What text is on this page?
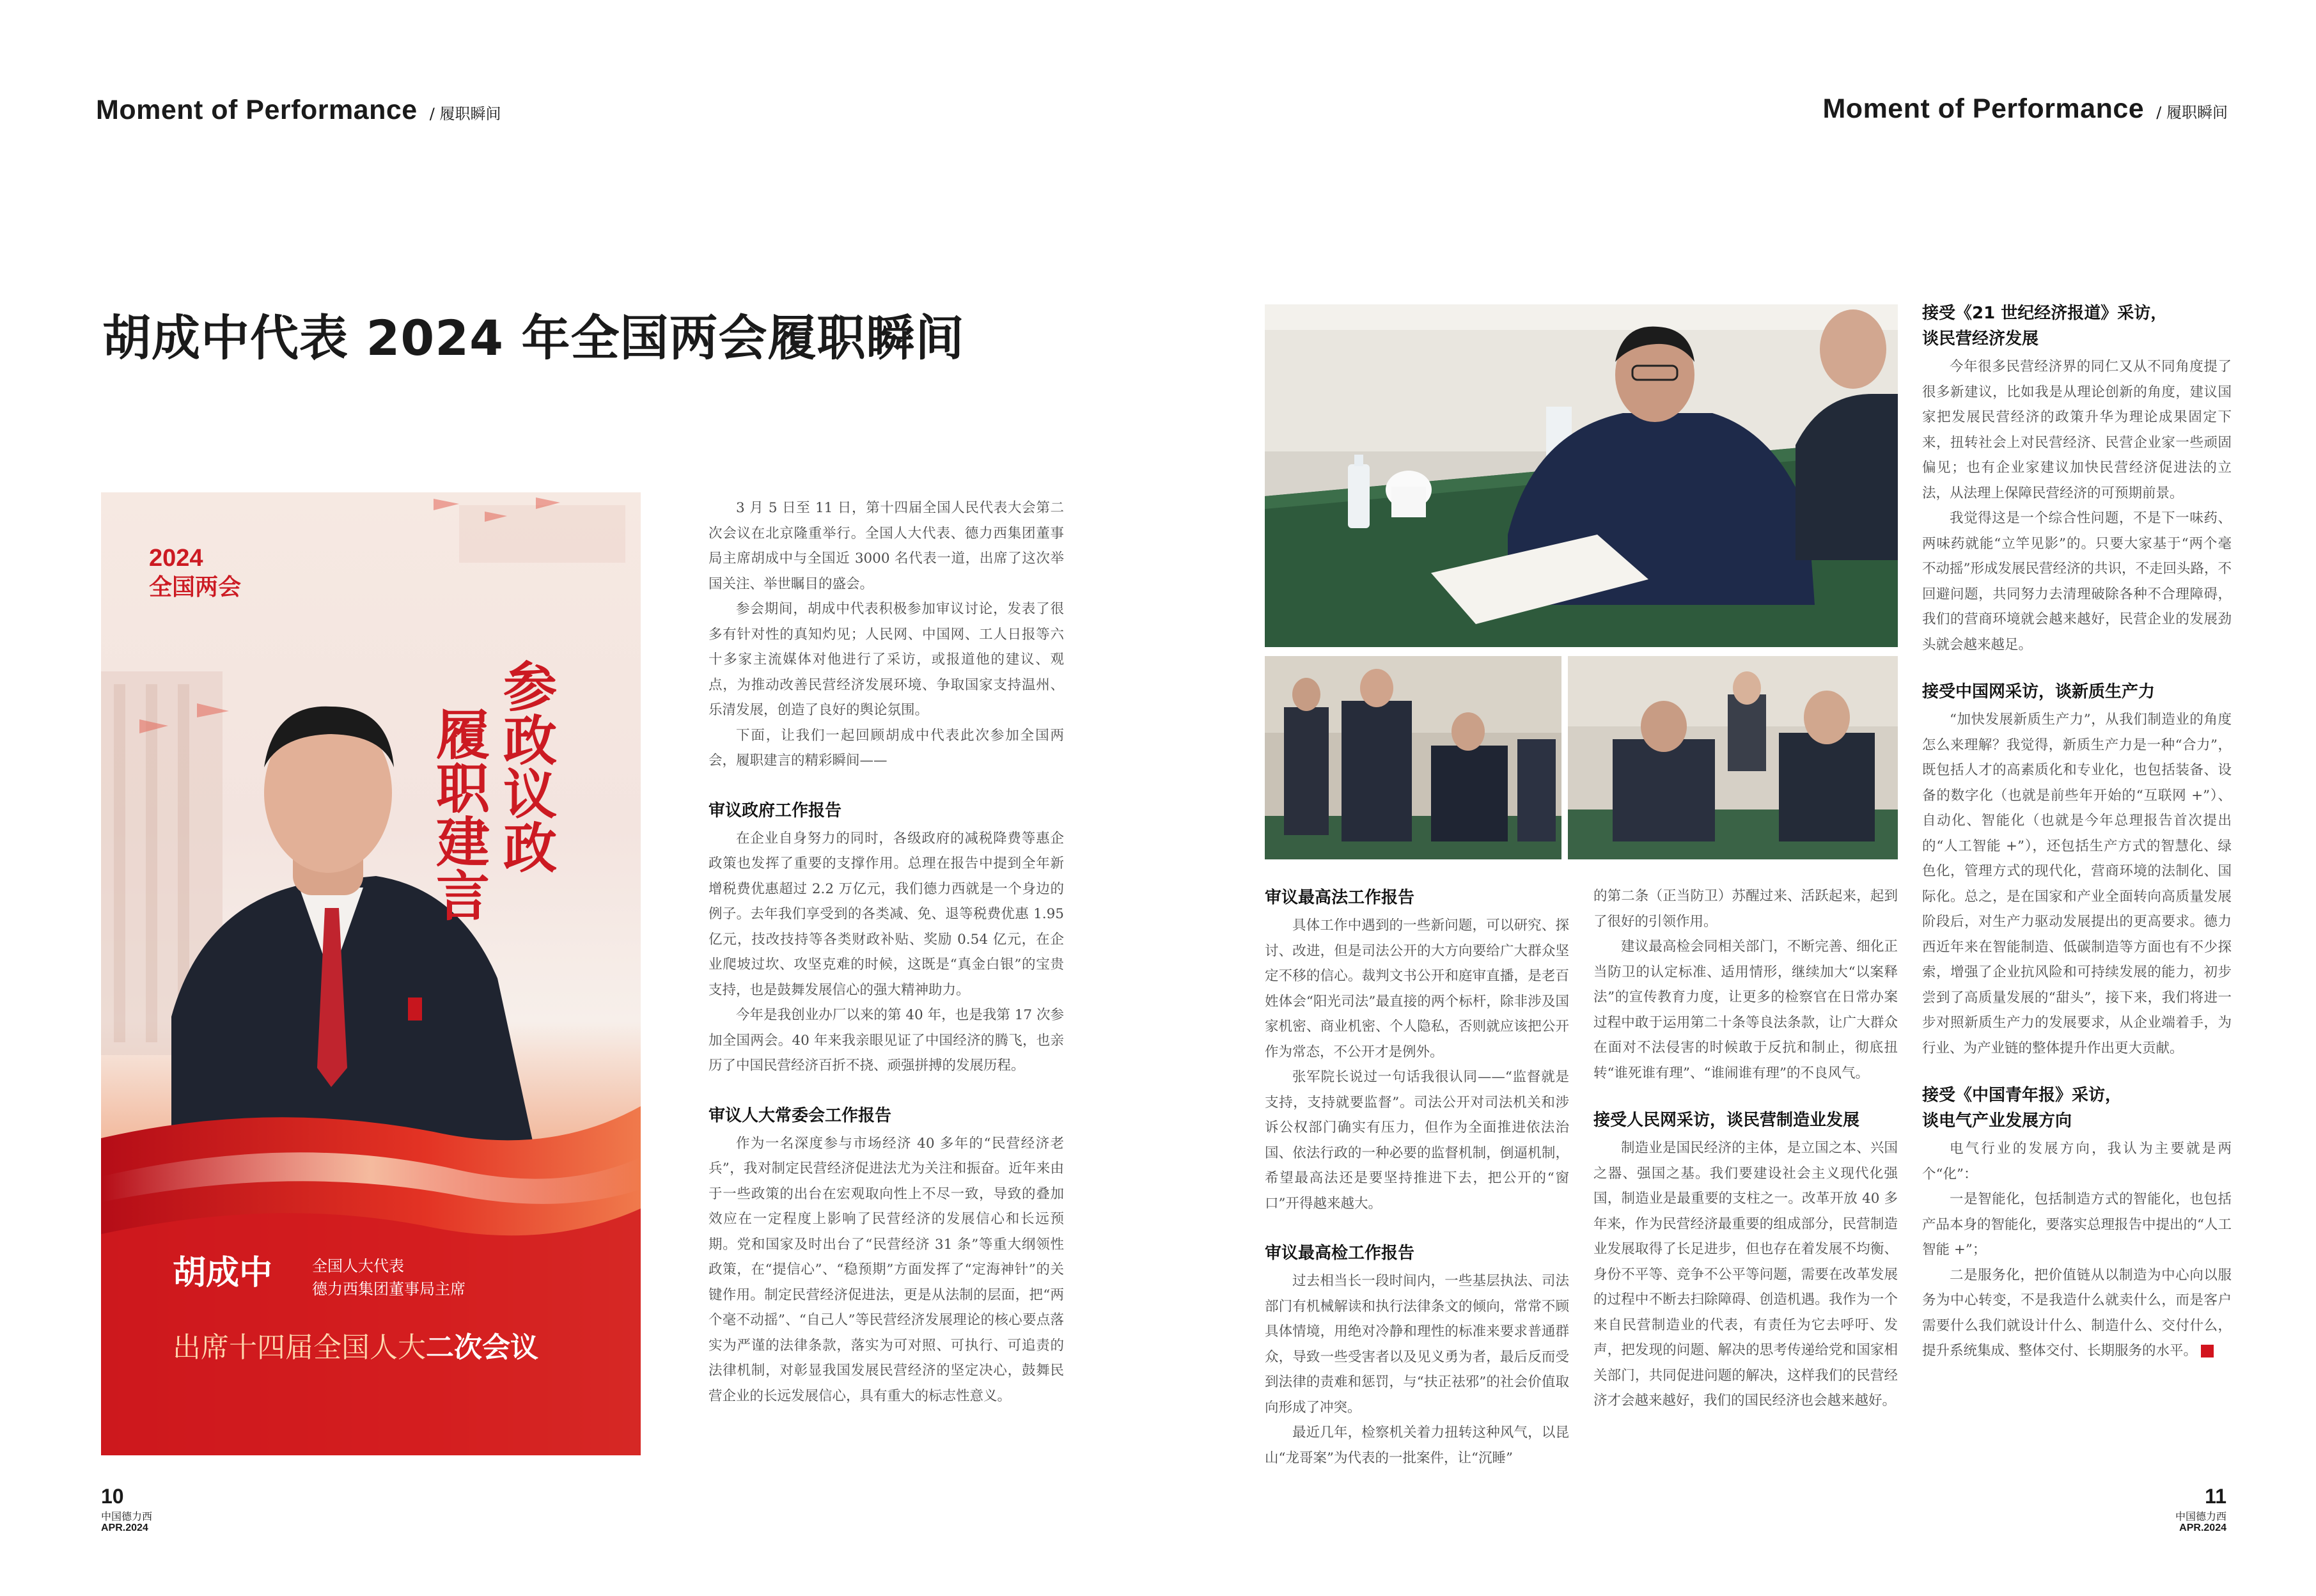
Moment of Performance / 履职瞬间	Moment of Performance / 履职瞬间
胡成中代表 2024 年全国两会履职瞬间
参政议政
履职建言
2024
全国两会
胡成中	全国人大代表
德力西集团董事局主席
出席十四届全国人大二次会议

3 月 5 日至 11 日，第十四届全国人民代表大会第二次会议在北京隆重举行。全国人大代表、德力西集团董事局主席胡成中与全国近 3000 名代表一道，出席了这次举国关注、举世瞩目的盛会。

参会期间，胡成中代表积极参加审议讨论，发表了很多有针对性的真知灼见；人民网、中国网、工人日报等六十多家主流媒体对他进行了采访，或报道他的建议、观点，为推动改善民营经济发展环境、争取国家支持温州、乐清发展，创造了良好的舆论氛围。

下面，让我们一起回顾胡成中代表此次参加全国两会，履职建言的精彩瞬间——

审议政府工作报告

在企业自身努力的同时，各级政府的减税降费等惠企政策也发挥了重要的支撑作用。总理在报告中提到全年新增税费优惠超过 2.2 万亿元，我们德力西就是一个身边的例子。去年我们享受到的各类减、免、退等税费优惠 1.95 亿元，技改技持等各类财政补贴、奖励 0.54 亿元，在企业爬坡过坎、攻坚克难的时候，这既是“真金白银”的宝贵支持，也是鼓舞发展信心的强大精神助力。

今年是我创业办厂以来的第 40 年，也是我第 17 次参加全国两会。40 年来我亲眼见证了中国经济的腾飞，也亲历了中国民营经济百折不挠、顽强拼搏的发展历程。

审议人大常委会工作报告

作为一名深度参与市场经济 40 多年的“民营经济老兵”，我对制定民营经济促进法尤为关注和振奋。近年来由于一些政策的出台在宏观取向性上不尽一致，导致的叠加效应在一定程度上影响了民营经济的发展信心和长远预期。党和国家及时出台了“民营经济 31 条”等重大纲领性政策，在“提信心”、“稳预期”方面发挥了“定海神针”的关键作用。制定民营经济促进法，更是从法制的层面，把“两个毫不动摇”、“自己人”等民营经济发展理论的核心要点落实为严谨的法律条款，落实为可对照、可执行、可追责的法律机制，对彰显我国发展民营经济的坚定决心，鼓舞民营企业的长远发展信心，具有重大的标志性意义。

审议最高法工作报告

具体工作中遇到的一些新问题，可以研究、探讨、改进，但是司法公开的大方向要给广大群众坚定不移的信心。裁判文书公开和庭审直播，是老百姓体会“阳光司法”最直接的两个标杆，除非涉及国家机密、商业机密、个人隐私，否则就应该把公开作为常态，不公开才是例外。

张军院长说过一句话我很认同——“监督就是支持，支持就要监督”。司法公开对司法机关和涉诉公权部门确实有压力，但作为全面推进依法治国、依法行政的一种必要的监督机制，倒逼机制，希望最高法还是要坚持推进下去，把公开的“窗口”开得越来越大。

审议最高检工作报告

过去相当长一段时间内，一些基层执法、司法部门有机械解读和执行法律条文的倾向，常常不顾具体情境，用绝对冷静和理性的标准来要求普通群众，导致一些受害者以及见义勇为者，最后反而受到法律的责难和惩罚，与“扶正祛邪”的社会价值取向形成了冲突。

最近几年，检察机关着力扭转这种风气，以昆山“龙哥案”为代表的一批案件，让“沉睡”

的第二条（正当防卫）苏醒过来、活跃起来，起到了很好的引领作用。

建议最高检会同相关部门，不断完善、细化正当防卫的认定标准、适用情形，继续加大“以案释法”的宣传教育力度，让更多的检察官在日常办案过程中敢于运用第二十条等良法条款，让广大群众在面对不法侵害的时候敢于反抗和制止，彻底扭转“谁死谁有理”、“谁闹谁有理”的不良风气。

接受人民网采访，谈民营制造业发展

制造业是国民经济的主体，是立国之本、兴国之器、强国之基。我们要建设社会主义现代化强国，制造业是最重要的支柱之一。改革开放 40 多年来，作为民营经济最重要的组成部分，民营制造业发展取得了长足进步，但也存在着发展不均衡、身份不平等、竞争不公平等问题，需要在改革发展的过程中不断去扫除障碍、创造机遇。我作为一个来自民营制造业的代表，有责任为它去呼吁、发声，把发现的问题、解决的思考传递给党和国家相关部门，共同促进问题的解决，这样我们的民营经济才会越来越好，我们的国民经济也会越来越好。

接受《21 世纪经济报道》采访，
谈民营经济发展

今年很多民营经济界的同仁又从不同角度提了很多新建议，比如我是从理论创新的角度，建议国家把发展民营经济的政策升华为理论成果固定下来，扭转社会上对民营经济、民营企业家一些顽固偏见；也有企业家建议加快民营经济促进法的立法，从法理上保障民营经济的可预期前景。

我觉得这是一个综合性问题，不是下一味药、两味药就能“立竿见影”的。只要大家基于“两个毫不动摇”形成发展民营经济的共识，不走回头路，不回避问题，共同努力去清理破除各种不合理障碍，我们的营商环境就会越来越好，民营企业的发展劲头就会越来越足。

接受中国网采访，谈新质生产力

“加快发展新质生产力”，从我们制造业的角度怎么来理解？我觉得，新质生产力是一种“合力”，既包括人才的高素质化和专业化，也包括装备、设备的数字化（也就是前些年开始的“互联网 +”）、自动化、智能化（也就是今年总理报告首次提出的“人工智能 +”），还包括生产方式的智慧化、绿色化，管理方式的现代化，营商环境的法制化、国际化。总之，是在国家和产业全面转向高质量发展阶段后，对生产力驱动发展提出的更高要求。德力西近年来在智能制造、低碳制造等方面也有不少探索，增强了企业抗风险和可持续发展的能力，初步尝到了高质量发展的“甜头”，接下来，我们将进一步对照新质生产力的发展要求，从企业端着手，为行业、为产业链的整体提升作出更大贡献。

接受《中国青年报》采访，
谈电气产业发展方向

电气行业的发展方向，我认为主要就是两个“化”：

一是智能化，包括制造方式的智能化，也包括产品本身的智能化，要落实总理报告中提出的“人工智能 +”；

二是服务化，把价值链从以制造为中心向以服务为中心转变，不是我造什么就卖什么，而是客户需要什么我们就设计什么、制造什么、交付什么，提升系统集成、整体交付、长期服务的水平。	D

10
中国德力西
APR.2024
11
中国德力西
APR.2024
